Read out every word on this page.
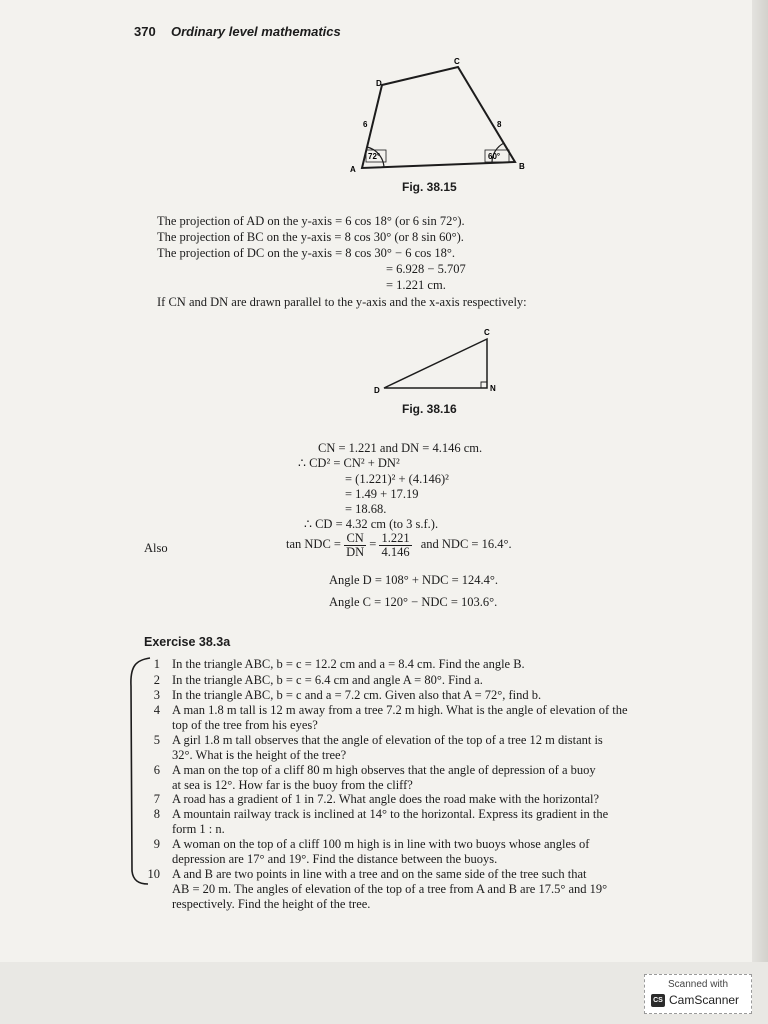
370 Ordinary level mathematics
A	B
C
D
6	8
72°	60°
Fig. 38.15
The projection of AD on the y-axis = 6 cos 18° (or 6 sin 72°).
The projection of BC on the y-axis = 8 cos 30° (or 8 sin 60°).
The projection of DC on the y-axis = 8 cos 30° − 6 cos 18°.
= 6.928 − 5.707
= 1.221 cm.
If CN and DN are drawn parallel to the y-axis and the x-axis respectively:
C
D	N
Fig. 38.16
CN = 1.221 and DN = 4.146 cm.
∴ CD² = CN² + DN²
= (1.221)² + (4.146)²
= 1.49 + 17.19
= 18.68.
∴ CD = 4.32 cm (to 3 s.f.).
Also	tan NDC = $\frac{CN}{DN} = \frac{1.221}{4.146}$ and NDC = 16.4°.
Angle D = 108° + NDC = 124.4°.
Angle C = 120° − NDC = 103.6°.
Exercise 38.3a
1 In the triangle ABC, b = c = 12.2 cm and a = 8.4 cm. Find the angle B.
2 In the triangle ABC, b = c = 6.4 cm and angle A = 80°. Find a.
3 In the triangle ABC, b = c and a = 7.2 cm. Given also that A = 72°, find b.
4 A man 1.8 m tall is 12 m away from a tree 7.2 m high. What is the angle of elevation of the
top of the tree from his eyes?
5 A girl 1.8 m tall observes that the angle of elevation of the top of a tree 12 m distant is
32°. What is the height of the tree?
6 A man on the top of a cliff 80 m high observes that the angle of depression of a buoy
at sea is 12°. How far is the buoy from the cliff?
7 A road has a gradient of 1 in 7.2. What angle does the road make with the horizontal?
8 A mountain railway track is inclined at 14° to the horizontal. Express its gradient in the
form 1 : n.
9 A woman on the top of a cliff 100 m high is in line with two buoys whose angles of
depression are 17° and 19°. Find the distance between the buoys.
10 A and B are two points in line with a tree and on the same side of the tree such that
AB = 20 m. The angles of elevation of the top of a tree from A and B are 17.5° and 19°
respectively. Find the height of the tree.
Scanned with
CS CamScanner
